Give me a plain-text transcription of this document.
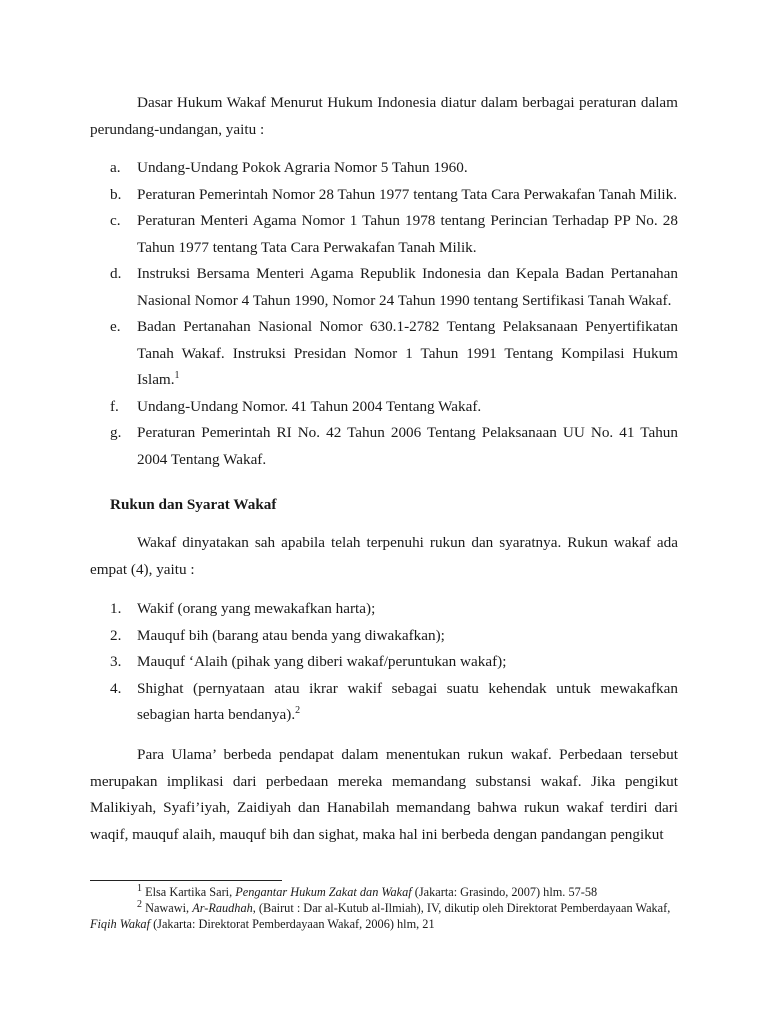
Dasar Hukum Wakaf Menurut Hukum Indonesia diatur dalam berbagai peraturan dalam perundang-undangan, yaitu :

a. Undang-Undang Pokok Agraria Nomor 5 Tahun 1960.
b. Peraturan Pemerintah Nomor 28 Tahun 1977 tentang Tata Cara Perwakafan Tanah Milik.
c. Peraturan Menteri Agama Nomor 1 Tahun 1978 tentang Perincian Terhadap PP No. 28 Tahun 1977 tentang Tata Cara Perwakafan Tanah Milik.
d. Instruksi Bersama Menteri Agama Republik Indonesia dan Kepala Badan Pertanahan Nasional Nomor 4 Tahun 1990, Nomor 24 Tahun 1990 tentang Sertifikasi Tanah Wakaf.
e. Badan Pertanahan Nasional Nomor 630.1-2782 Tentang Pelaksanaan Penyertifikatan Tanah Wakaf. Instruksi Presidan Nomor 1 Tahun 1991 Tentang Kompilasi Hukum Islam.$^1$
f. Undang-Undang Nomor. 41 Tahun 2004 Tentang Wakaf.
g. Peraturan Pemerintah RI No. 42 Tahun 2006 Tentang Pelaksanaan UU No. 41 Tahun 2004 Tentang Wakaf.
Rukun dan Syarat Wakaf

Wakaf dinyatakan sah apabila telah terpenuhi rukun dan syaratnya. Rukun wakaf ada empat (4), yaitu :

1. Wakif (orang yang mewakafkan harta);
2. Mauquf bih (barang atau benda yang diwakafkan);
3. Mauquf ‘Alaih (pihak yang diberi wakaf/peruntukan wakaf);
4. Shighat (pernyataan atau ikrar wakif sebagai suatu kehendak untuk mewakafkan sebagian harta bendanya).$^2$

Para Ulama’ berbeda pendapat dalam menentukan rukun wakaf. Perbedaan tersebut merupakan implikasi dari perbedaan mereka memandang substansi wakaf. Jika pengikut Malikiyah, Syafi’iyah, Zaidiyah dan Hanabilah memandang bahwa rukun wakaf terdiri dari waqif, mauquf alaih, mauquf bih dan sighat, maka hal ini berbeda dengan pandangan pengikut

$^1$ Elsa Kartika Sari, Pengantar Hukum Zakat dan Wakaf (Jakarta: Grasindo, 2007) hlm. 57-58

$^2$ Nawawi, Ar-Raudhah, (Bairut : Dar al-Kutub al-Ilmiah), IV, dikutip oleh Direktorat Pemberdayaan Wakaf, Fiqih Wakaf (Jakarta: Direktorat Pemberdayaan Wakaf, 2006) hlm, 21
